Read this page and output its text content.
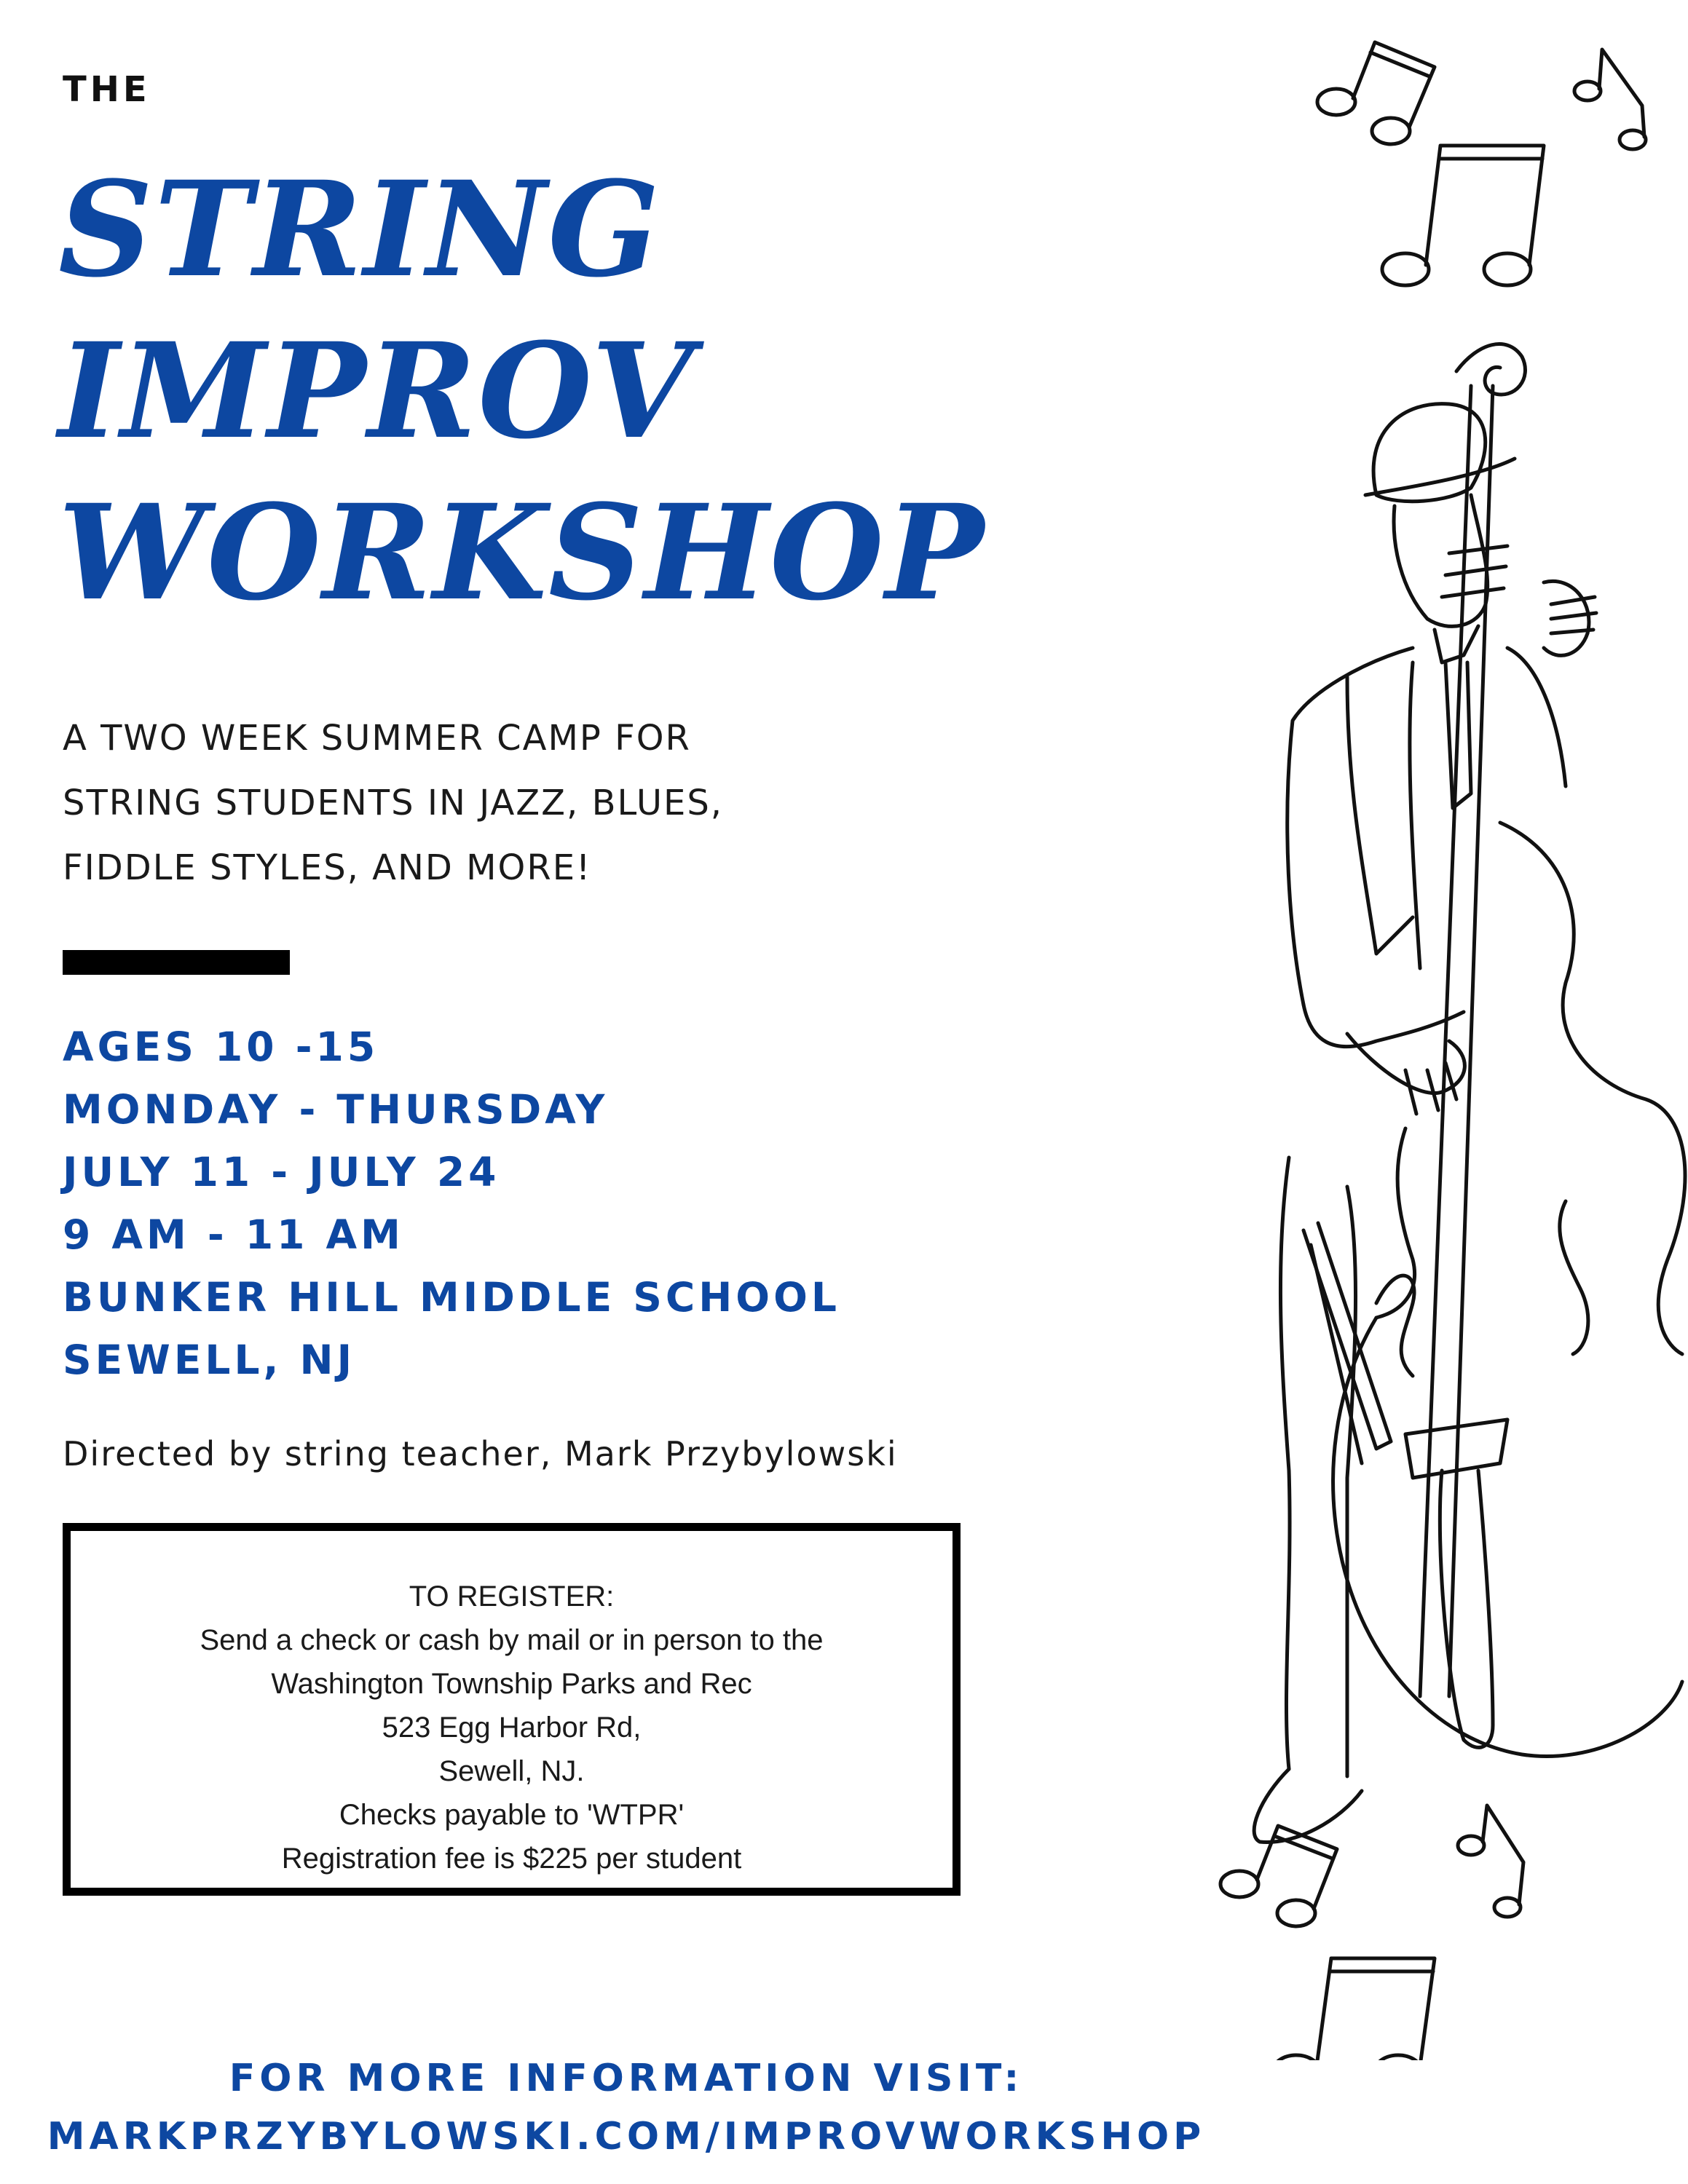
THE
STRING
IMPROV
WORKSHOP
A TWO WEEK SUMMER CAMP FOR
STRING STUDENTS IN JAZZ, BLUES,
FIDDLE STYLES, AND MORE!
AGES 10 -15
MONDAY - THURSDAY
JULY 11 - JULY 24
9 AM - 11 AM
BUNKER HILL MIDDLE SCHOOL
SEWELL, NJ
Directed by string teacher, Mark Przybylowski
TO REGISTER:
Send a check or cash by mail or in person to the
Washington Township Parks and Rec
523 Egg Harbor Rd,
Sewell, NJ.
Checks payable to 'WTPR'
Registration fee is $225 per student
FOR MORE INFORMATION VISIT:
MARKPRZYBYLOWSKI.COM/IMPROVWORKSHOP
